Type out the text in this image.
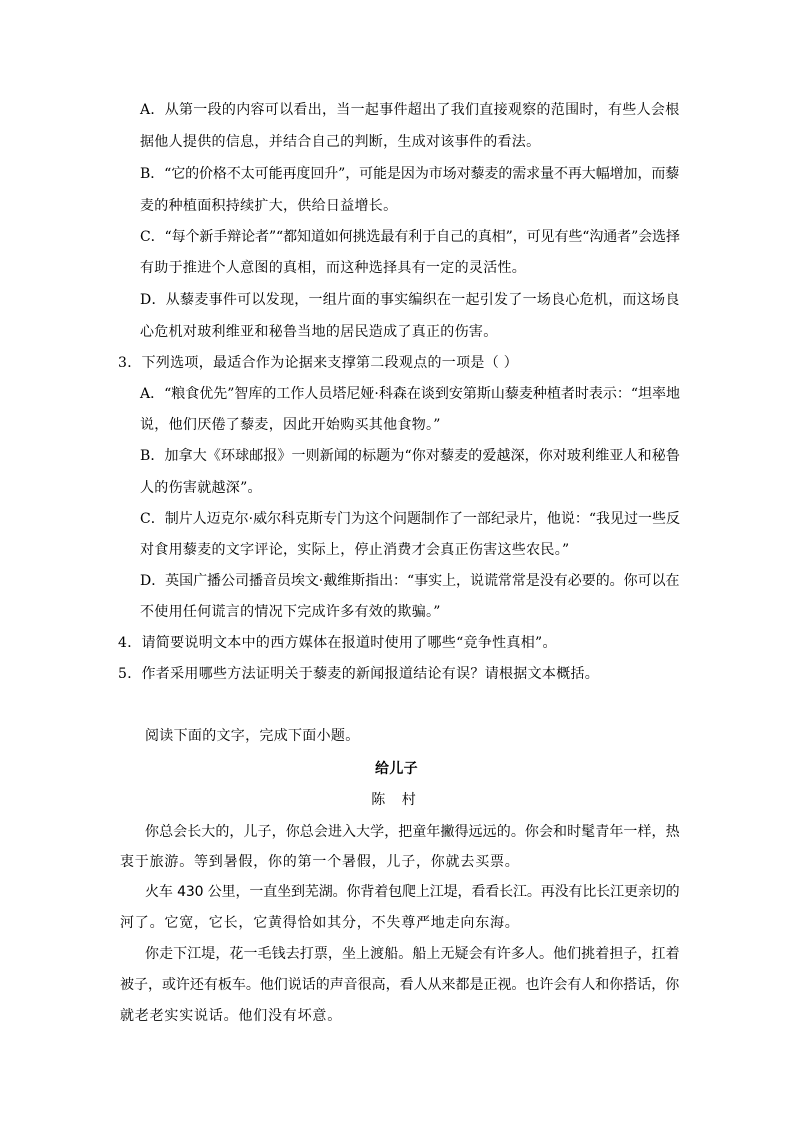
A．从第一段的内容可以看出，当一起事件超出了我们直接观察的范围时，有些人会根
据他人提供的信息，并结合自己的判断，生成对该事件的看法。
B．“它的价格不太可能再度回升”，可能是因为市场对藜麦的需求量不再大幅增加，而藜
麦的种植面积持续扩大，供给日益增长。
C．“每个新手辩论者”“都知道如何挑选最有利于自己的真相”，可见有些“沟通者”会选择
有助于推进个人意图的真相，而这种选择具有一定的灵活性。
D．从藜麦事件可以发现，一组片面的事实编织在一起引发了一场良心危机，而这场良
心危机对玻利维亚和秘鲁当地的居民造成了真正的伤害。
3．下列选项，最适合作为论据来支撑第二段观点的一项是（ ）
A．“粮食优先”智库的工作人员塔尼娅·科森在谈到安第斯山藜麦种植者时表示：“坦率地
说，他们厌倦了藜麦，因此开始购买其他食物。”
B．加拿大《环球邮报》一则新闻的标题为“你对藜麦的爱越深，你对玻利维亚人和秘鲁
人的伤害就越深”。
C．制片人迈克尔·威尔科克斯专门为这个问题制作了一部纪录片，他说：“我见过一些反
对食用藜麦的文字评论，实际上，停止消费才会真正伤害这些农民。”
D．英国广播公司播音员埃文·戴维斯指出：“事实上，说谎常常是没有必要的。你可以在
不使用任何谎言的情况下完成许多有效的欺骗。”
4．请简要说明文本中的西方媒体在报道时使用了哪些“竞争性真相”。
5．作者采用哪些方法证明关于藜麦的新闻报道结论有误？请根据文本概括。
阅读下面的文字，完成下面小题。
给儿子
陈 村
你总会长大的，儿子，你总会进入大学，把童年撇得远远的。你会和时髦青年一样，热
衷于旅游。等到暑假，你的第一个暑假，儿子，你就去买票。
火车 430 公里，一直坐到芜湖。你背着包爬上江堤，看看长江。再没有比长江更亲切的
河了。它宽，它长，它黄得恰如其分，不失尊严地走向东海。
你走下江堤，花一毛钱去打票，坐上渡船。船上无疑会有许多人。他们挑着担子，扛着
被子，或许还有板车。他们说话的声音很高，看人从来都是正视。也许会有人和你搭话，你
就老老实实说话。他们没有坏意。
